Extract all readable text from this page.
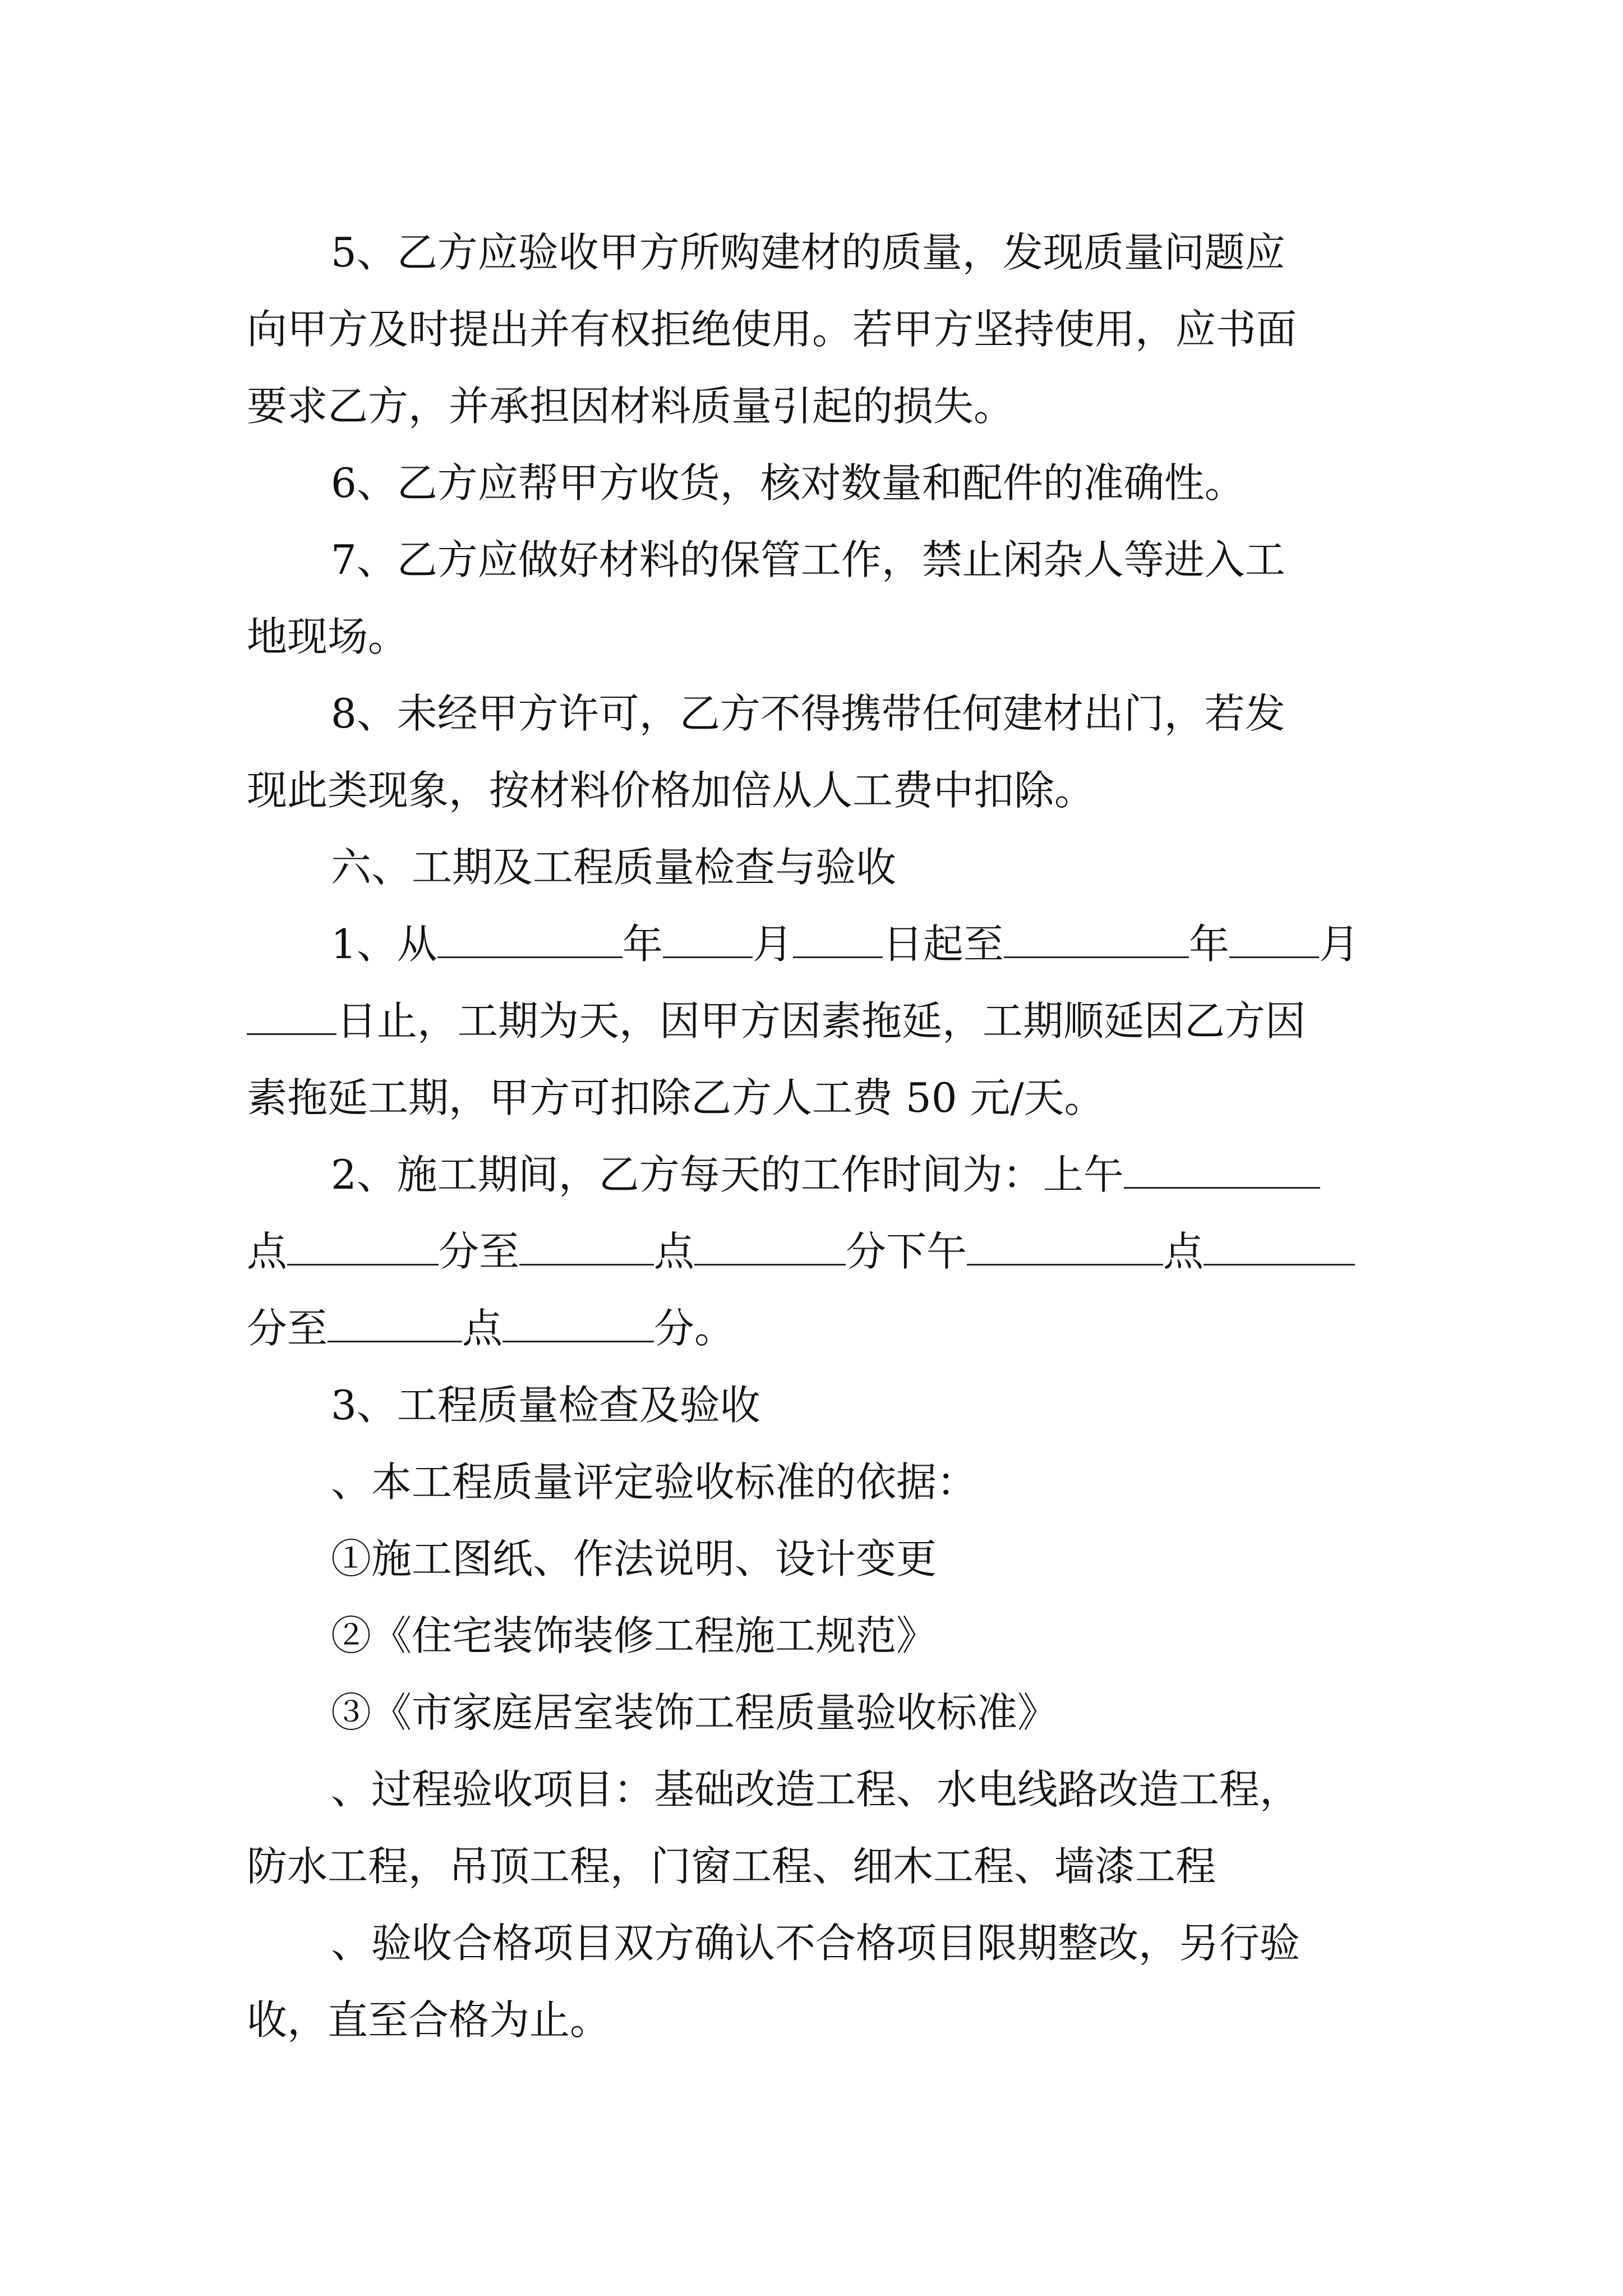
5、乙方应验收甲方所购建材的质量，发现质量问题应
向甲方及时提出并有权拒绝使用。若甲方坚持使用，应书面
要求乙方，并承担因材料质量引起的损失。
6、乙方应帮甲方收货，核对数量和配件的准确性。
7、乙方应做好材料的保管工作，禁止闲杂人等进入工
地现场。
8、未经甲方许可，乙方不得携带任何建材出门，若发
现此类现象，按材料价格加倍从人工费中扣除。
六、工期及工程质量检查与验收
1、从	年 月 日起至	年 月
日止，工期为天，因甲方因素拖延，工期顺延因乙方因
素拖延工期，甲方可扣除乙方人工费 50 元/天。
2、施工期间，乙方每天的工作时间为：上午
点	分至	点	分下午	点
分至	点	分。
3、工程质量检查及验收
、本工程质量评定验收标准的依据：
①施工图纸、作法说明、设计变更
②《住宅装饰装修工程施工规范》
③《市家庭居室装饰工程质量验收标准》
、过程验收项目：基础改造工程、水电线路改造工程，
防水工程，吊顶工程，门窗工程、细木工程、墙漆工程
、验收合格项目双方确认不合格项目限期整改，另行验
收，直至合格为止。
